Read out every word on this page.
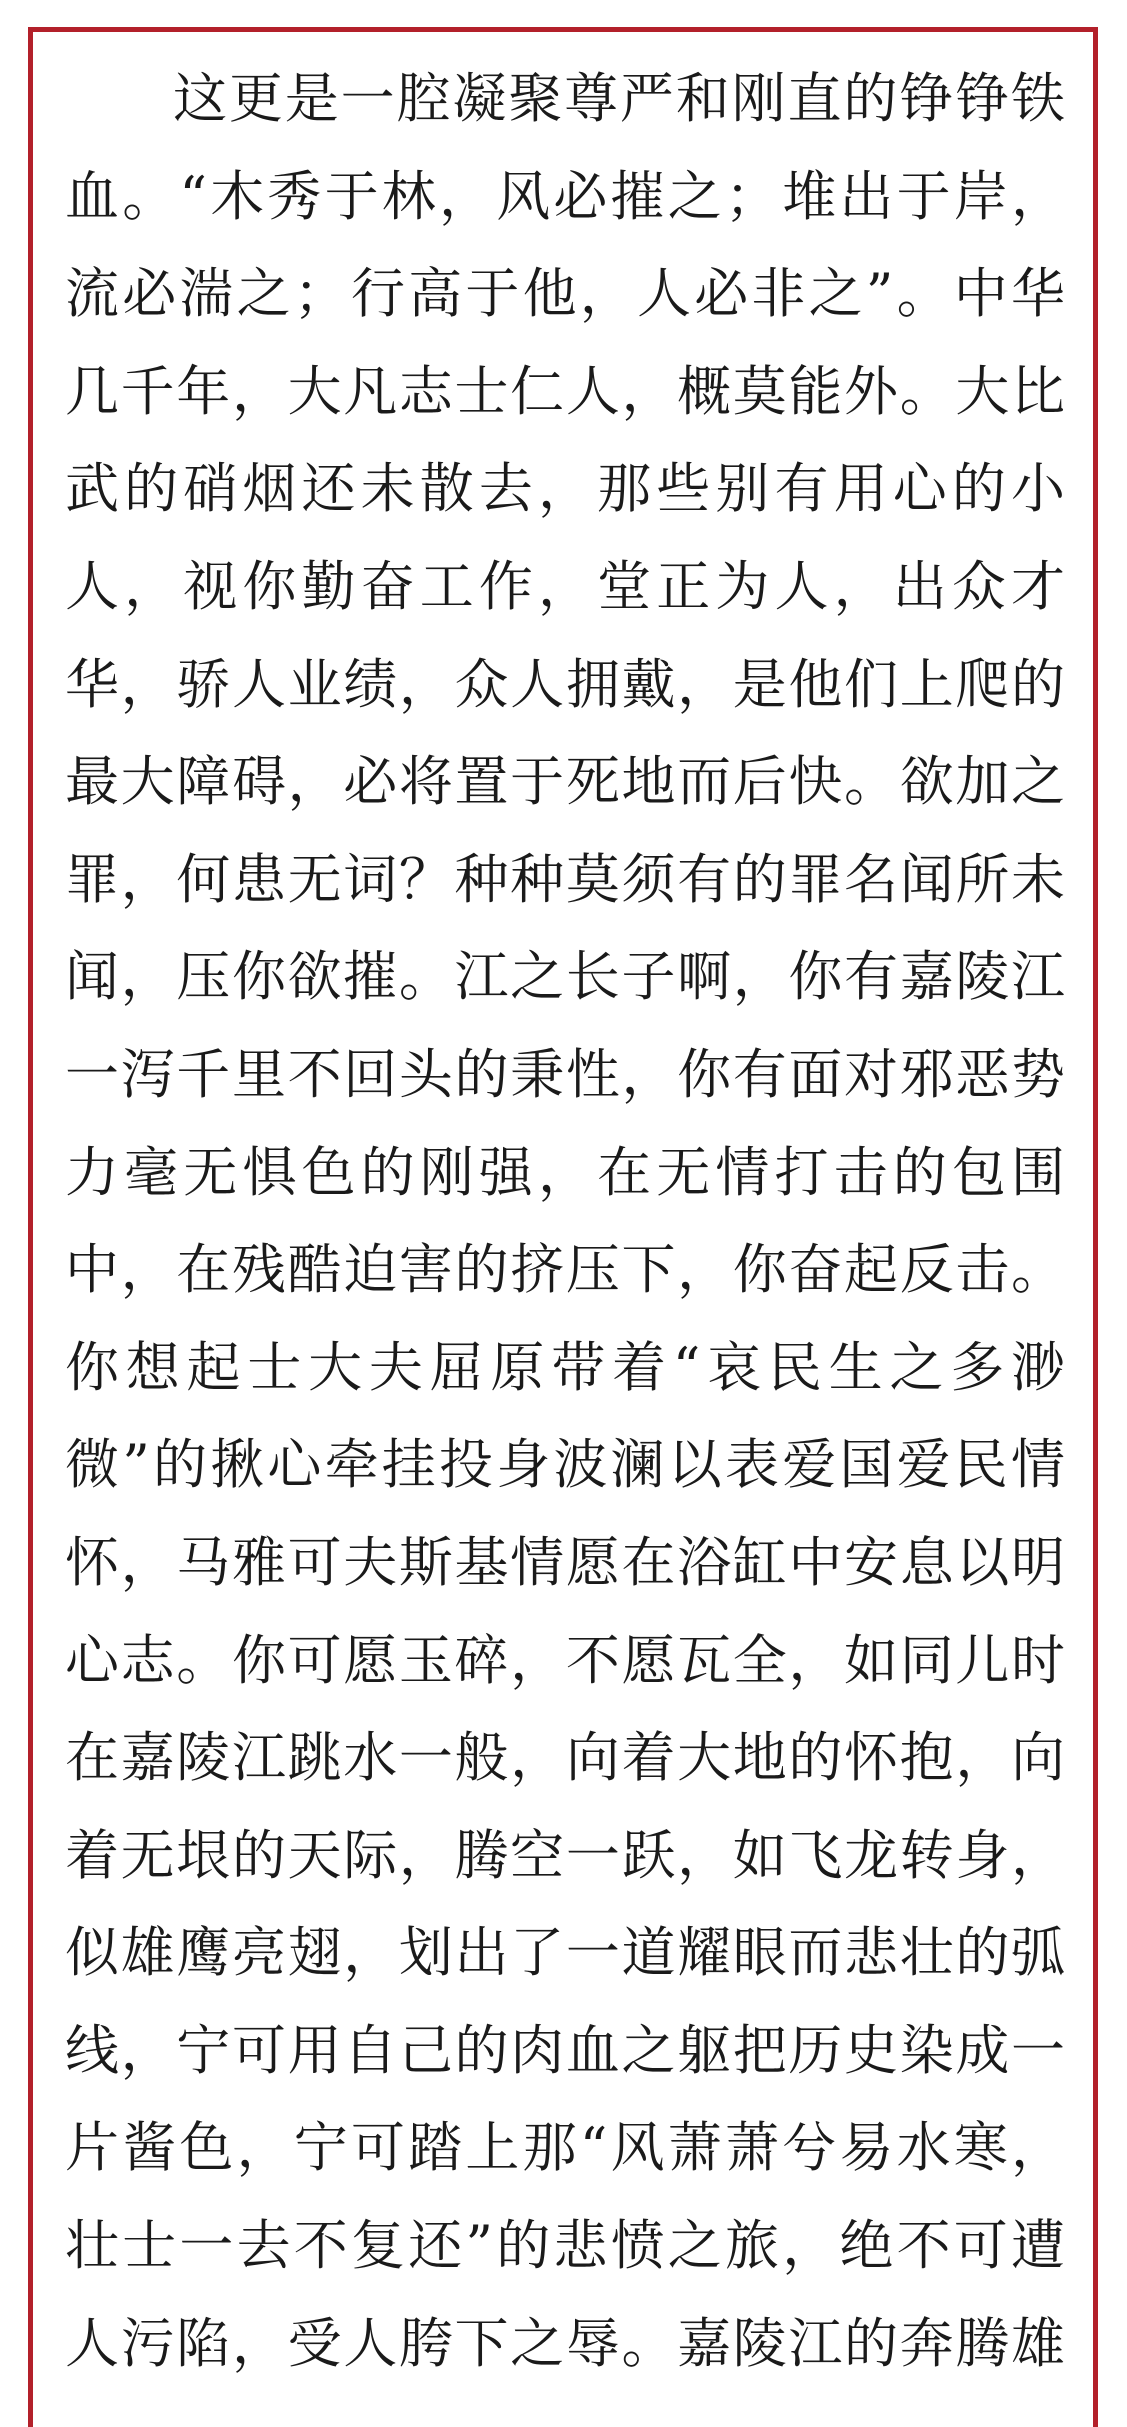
这更是一腔凝聚尊严和刚直的铮铮铁
血。“木秀于林，风必摧之；堆出于岸，
流必湍之；行高于他，人必非之”。中华
几千年，大凡志士仁人，概莫能外。大比
武的硝烟还未散去，那些别有用心的小
人，视你勤奋工作，堂正为人，出众才
华，骄人业绩，众人拥戴，是他们上爬的
最大障碍，必将置于死地而后快。欲加之
罪，何患无词？种种莫须有的罪名闻所未
闻，压你欲摧。江之长子啊，你有嘉陵江
一泻千里不回头的秉性，你有面对邪恶势
力毫无惧色的刚强，在无情打击的包围
中，在残酷迫害的挤压下，你奋起反击。
你想起士大夫屈原带着“哀民生之多渺
微”的揪心牵挂投身波澜以表爱国爱民情
怀，马雅可夫斯基情愿在浴缸中安息以明
心志。你可愿玉碎，不愿瓦全，如同儿时
在嘉陵江跳水一般，向着大地的怀抱，向
着无垠的天际，腾空一跃，如飞龙转身，
似雄鹰亮翅，划出了一道耀眼而悲壮的弧
线，宁可用自己的肉血之躯把历史染成一
片酱色，宁可踏上那“风萧萧兮易水寒，
壮士一去不复还”的悲愤之旅，绝不可遭
人污陷，受人胯下之辱。嘉陵江的奔腾雄
